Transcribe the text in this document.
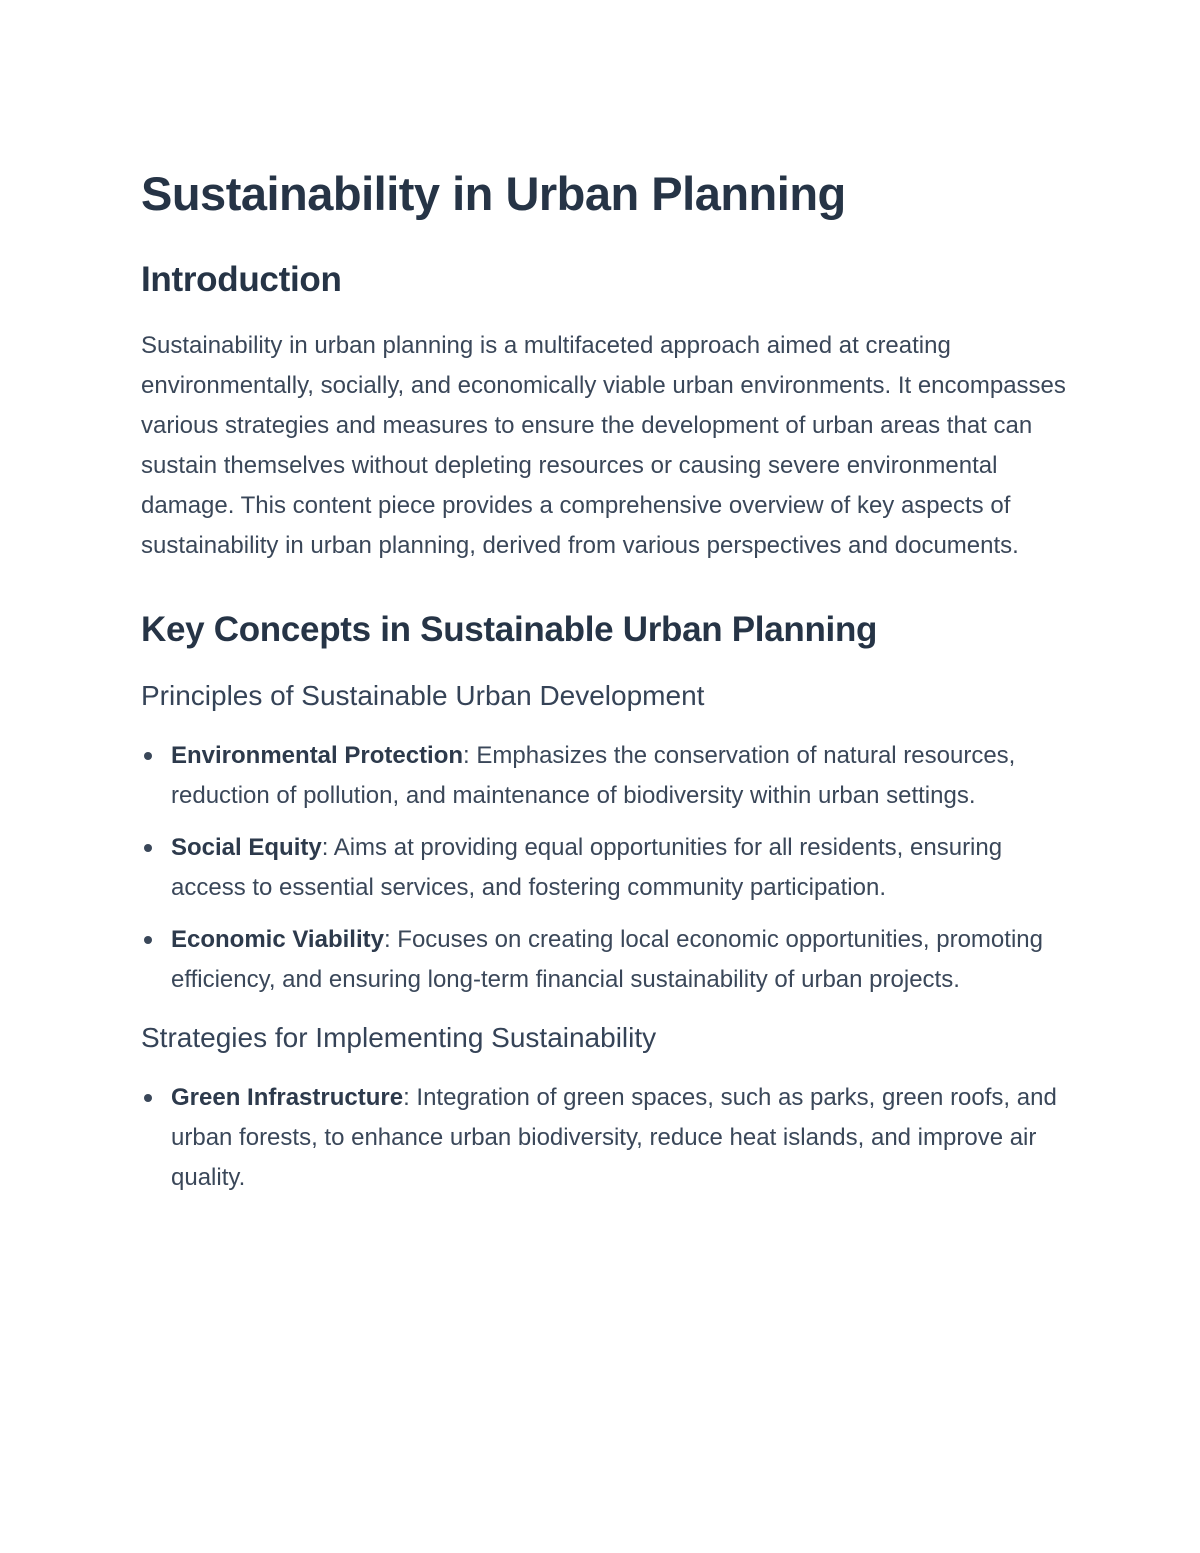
Sustainability in Urban Planning
Introduction

Sustainability in urban planning is a multifaceted approach aimed at creating environmentally, socially, and economically viable urban environments. It encompasses various strategies and measures to ensure the development of urban areas that can sustain themselves without depleting resources or causing severe environmental damage. This content piece provides a comprehensive overview of key aspects of sustainability in urban planning, derived from various perspectives and documents.

Key Concepts in Sustainable Urban Planning
Principles of Sustainable Urban Development
Environmental Protection: Emphasizes the conservation of natural resources, reduction of pollution, and maintenance of biodiversity within urban settings.
Social Equity: Aims at providing equal opportunities for all residents, ensuring access to essential services, and fostering community participation.
Economic Viability: Focuses on creating local economic opportunities, promoting efficiency, and ensuring long-term financial sustainability of urban projects.
Strategies for Implementing Sustainability
Green Infrastructure: Integration of green spaces, such as parks, green roofs, and urban forests, to enhance urban biodiversity, reduce heat islands, and improve air quality.
